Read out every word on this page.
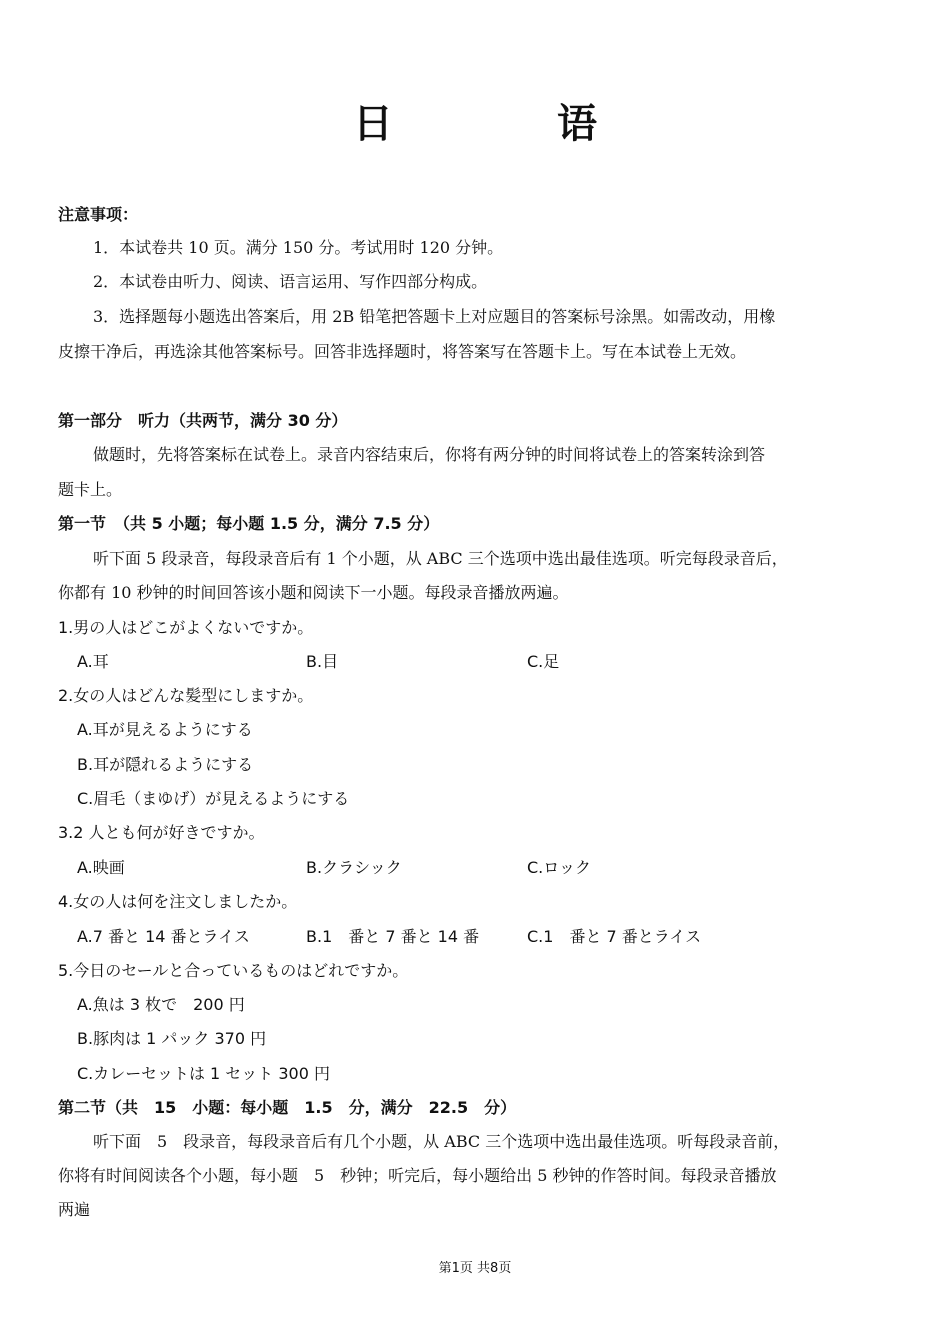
日　语
注意事项：
1．本试卷共 10 页。满分 150 分。考试用时 120 分钟。
2．本试卷由听力、阅读、语言运用、写作四部分构成。
3．选择题每小题选出答案后，用 2B 铅笔把答题卡上对应题目的答案标号涂黑。如需改动，用橡
皮擦干净后，再选涂其他答案标号。回答非选择题时，将答案写在答题卡上。写在本试卷上无效。
第一部分　听力（共两节，满分 30 分）
做题时，先将答案标在试卷上。录音内容结束后，你将有两分钟的时间将试卷上的答案转涂到答
题卡上。
第一节　（共 5 小题；每小题 1.5 分，满分 7.5 分）
听下面 5 段录音，每段录音后有 1 个小题，从 ABC 三个选项中选出最佳选项。听完每段录音后，
你都有 10 秒钟的时间回答该小题和阅读下一小题。每段录音播放两遍。
1.男の人はどこがよくないですか。
A.耳	B.目	C.足
2.女の人はどんな髪型にしますか。
A.耳が見えるようにする
B.耳が隠れるようにする
C.眉毛（まゆげ）が見えるようにする
3.2 人とも何が好きですか。
A.映画	B.クラシック	C.ロック
4.女の人は何を注文しましたか。
A.7 番と 14 番とライス	B.1　番と 7 番と 14 番	C.1　番と 7 番とライス
5.今日のセールと合っているものはどれですか。
A.魚は 3 枚で　200 円
B.豚肉は 1 パック 370 円
C.カレーセットは 1 セット 300 円
第二节（共　15　小题：每小题　1.5　分，满分　22.5　分）
听下面　5　段录音，每段录音后有几个小题，从 ABC 三个选项中选出最佳选项。听每段录音前，
你将有时间阅读各个小题，每小题　5　秒钟；听完后，每小题给出 5 秒钟的作答时间。每段录音播放
两遍
第1页 共8页
